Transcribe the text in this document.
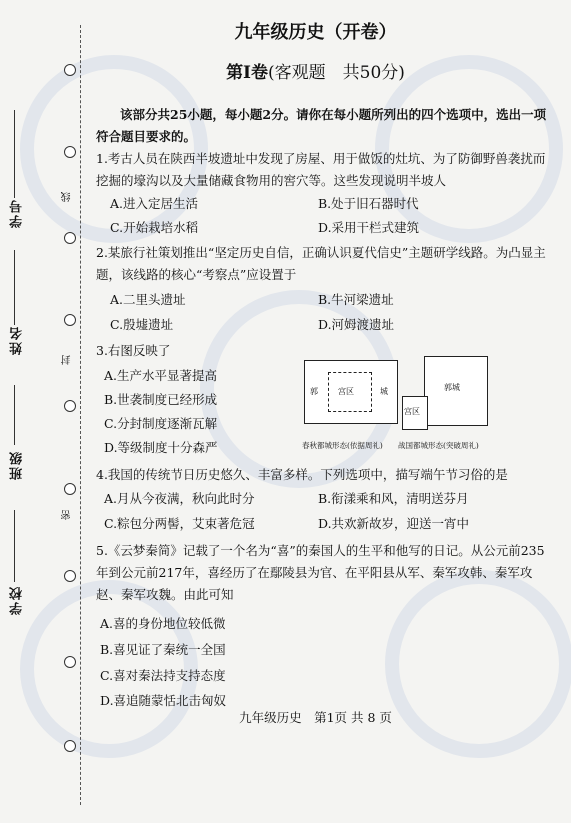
学号
姓名
班级
学校
线
封
密
九年级历史（开卷）
第Ⅰ卷(客观题　共50分)
该部分共25小题，每小题2分。请你在每小题所列出的四个选项中，选出一项符合题目要求的。
1.考古人员在陕西半坡遗址中发现了房屋、用于做饭的灶坑、为了防御野兽袭扰而挖掘的壕沟以及大量储藏食物用的窖穴等。这些发现说明半坡人
A.进入定居生活	B.处于旧石器时代
C.开始栽培水稻	D.采用干栏式建筑
2.某旅行社策划推出“坚定历史自信，正确认识夏代信史”主题研学线路。为凸显主题，该线路的核心“考察点”应设置于
A.二里头遗址	B.牛河梁遗址
C.殷墟遗址	D.河姆渡遗址
3.右图反映了
A.生产水平显著提高
B.世袭制度已经形成
C.分封制度逐渐瓦解
D.等级制度十分森严
郭	宫区	城
春秋都城形态(依据周礼)
郭城
宫区
战国都城形态(突破周礼)
4.我国的传统节日历史悠久、丰富多样。下列选项中，描写端午节习俗的是
A.月从今夜满，秋向此时分	B.衔漾乘和风，清明送芬月
C.粽包分两髻，艾束著危冠	D.共欢新故岁，迎送一宵中
5.《云梦秦简》记载了一个名为“喜”的秦国人的生平和他写的日记。从公元前235年到公元前217年，喜经历了在鄢陵县为官、在平阳县从军、秦军攻韩、秦军攻赵、秦军攻魏。由此可知
A.喜的身份地位较低微
B.喜见证了秦统一全国
C.喜对秦法持支持态度
D.喜追随蒙恬北击匈奴
九年级历史　第1页 共 8 页
